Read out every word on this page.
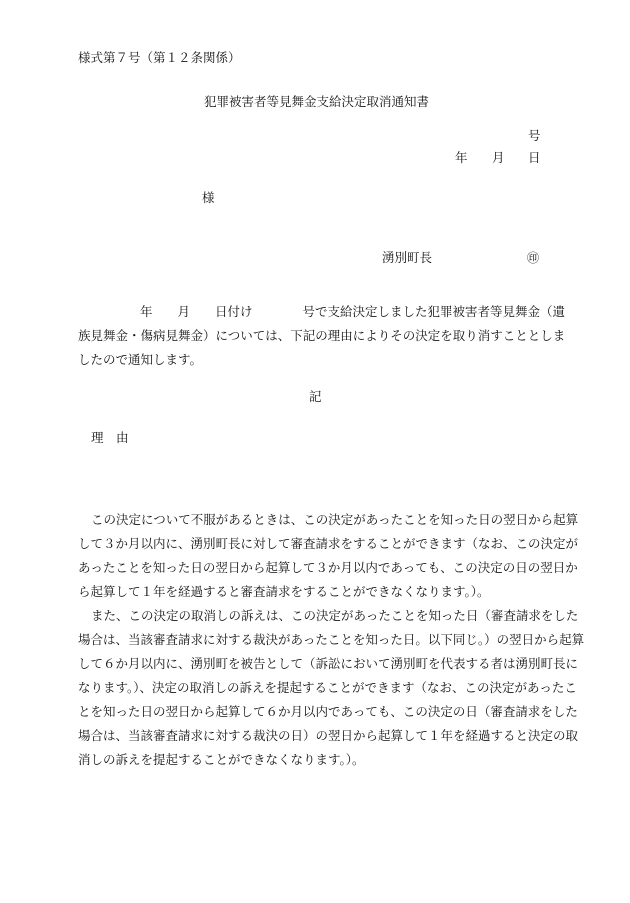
様式第７号（第１２条関係）
犯罪被害者等見舞金支給決定取消通知書
号
年 月 日
様
湧別町長	㊞

年　　月　　日付け　　　　号で支給決定しました犯罪被害者等見舞金（遺

族見舞金・傷病見舞金）については、下記の理由によりその決定を取り消すこととしま

したので通知します。

記
理　由

この決定について不服があるときは、この決定があったことを知った日の翌日から起算

して３か月以内に、湧別町長に対して審査請求をすることができます（なお、この決定が

あったことを知った日の翌日から起算して３か月以内であっても、この決定の日の翌日か

ら起算して１年を経過すると審査請求をすることができなくなります。）。

また、この決定の取消しの訴えは、この決定があったことを知った日（審査請求をした

場合は、当該審査請求に対する裁決があったことを知った日。以下同じ。）の翌日から起算

して６か月以内に、湧別町を被告として（訴訟において湧別町を代表する者は湧別町長に

なります。）、決定の取消しの訴えを提起することができます（なお、この決定があったこ

とを知った日の翌日から起算して６か月以内であっても、この決定の日（審査請求をした

場合は、当該審査請求に対する裁決の日）の翌日から起算して１年を経過すると決定の取

消しの訴えを提起することができなくなります。）。
